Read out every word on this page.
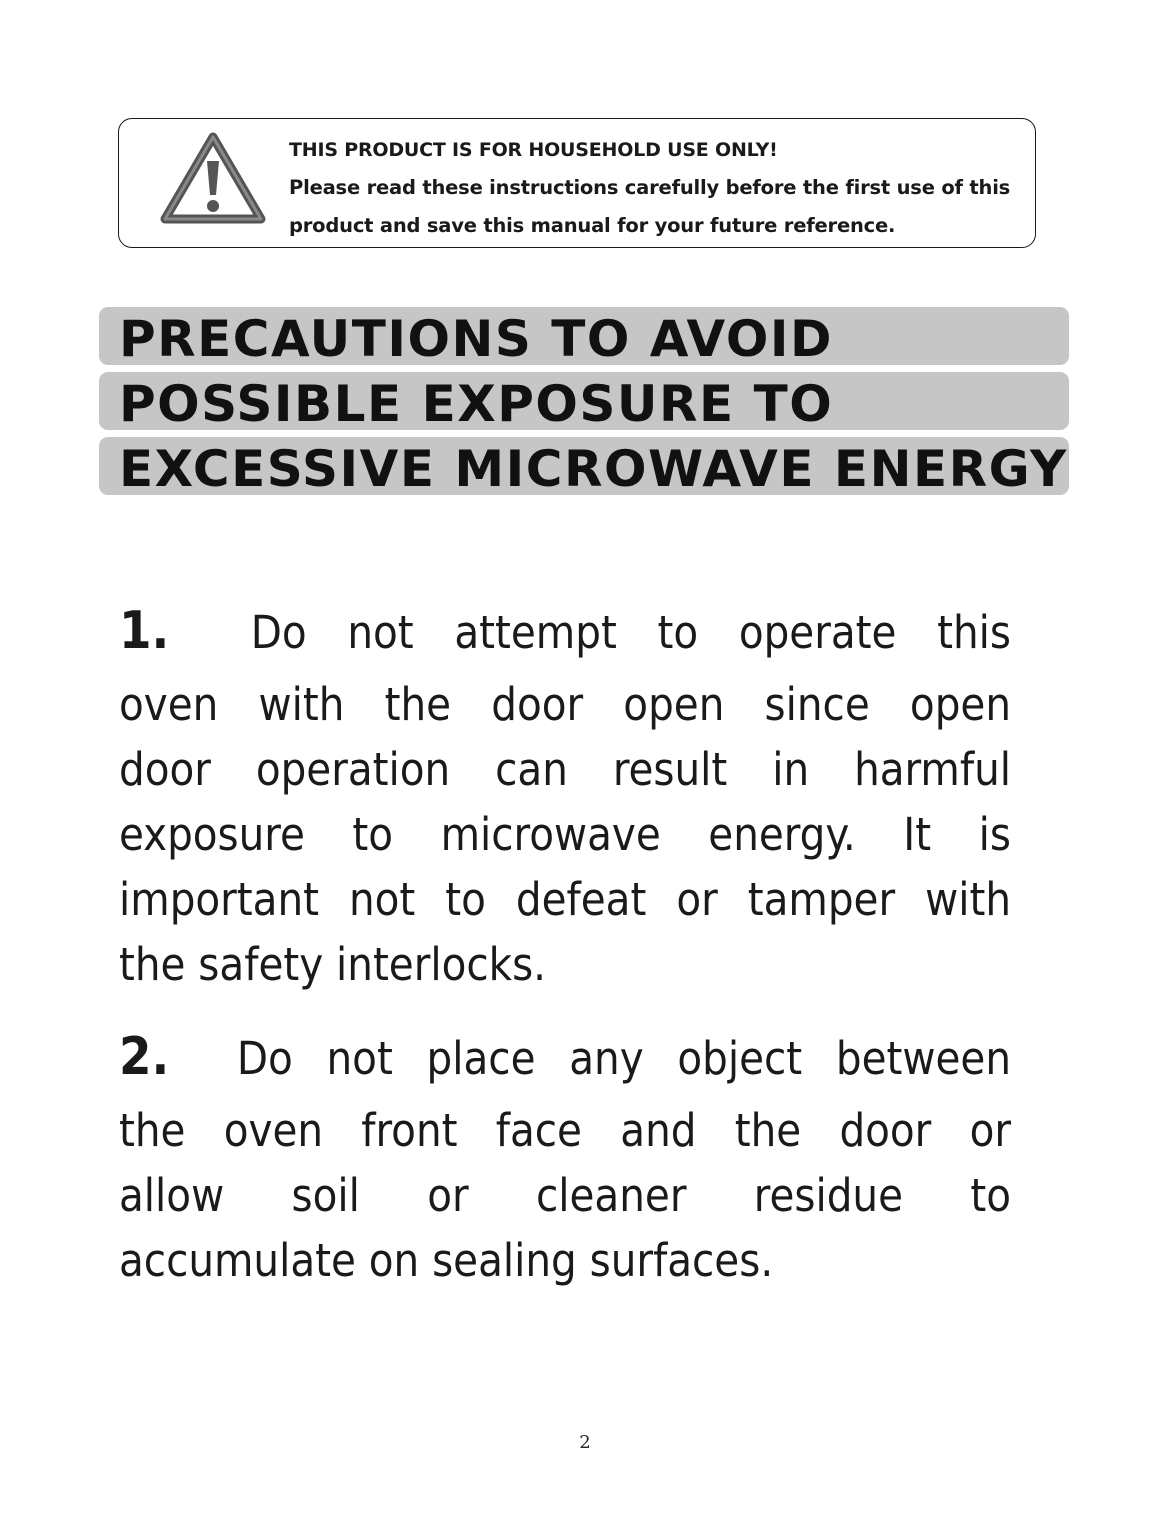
THIS PRODUCT IS FOR HOUSEHOLD USE ONLY!
Please read these instructions carefully before the first use of this
product and save this manual for your future reference.
PRECAUTIONS TO AVOID
POSSIBLE EXPOSURE TO
EXCESSIVE MICROWAVE ENERGY
1. Do not attempt to operate this
oven with the door open since open
door operation can result in harmful
exposure to microwave energy. It is
important not to defeat or tamper with
the safety interlocks.
2. Do not place any object between
the oven front face and the door or
allow soil or cleaner residue to
accumulate on sealing surfaces.
2
